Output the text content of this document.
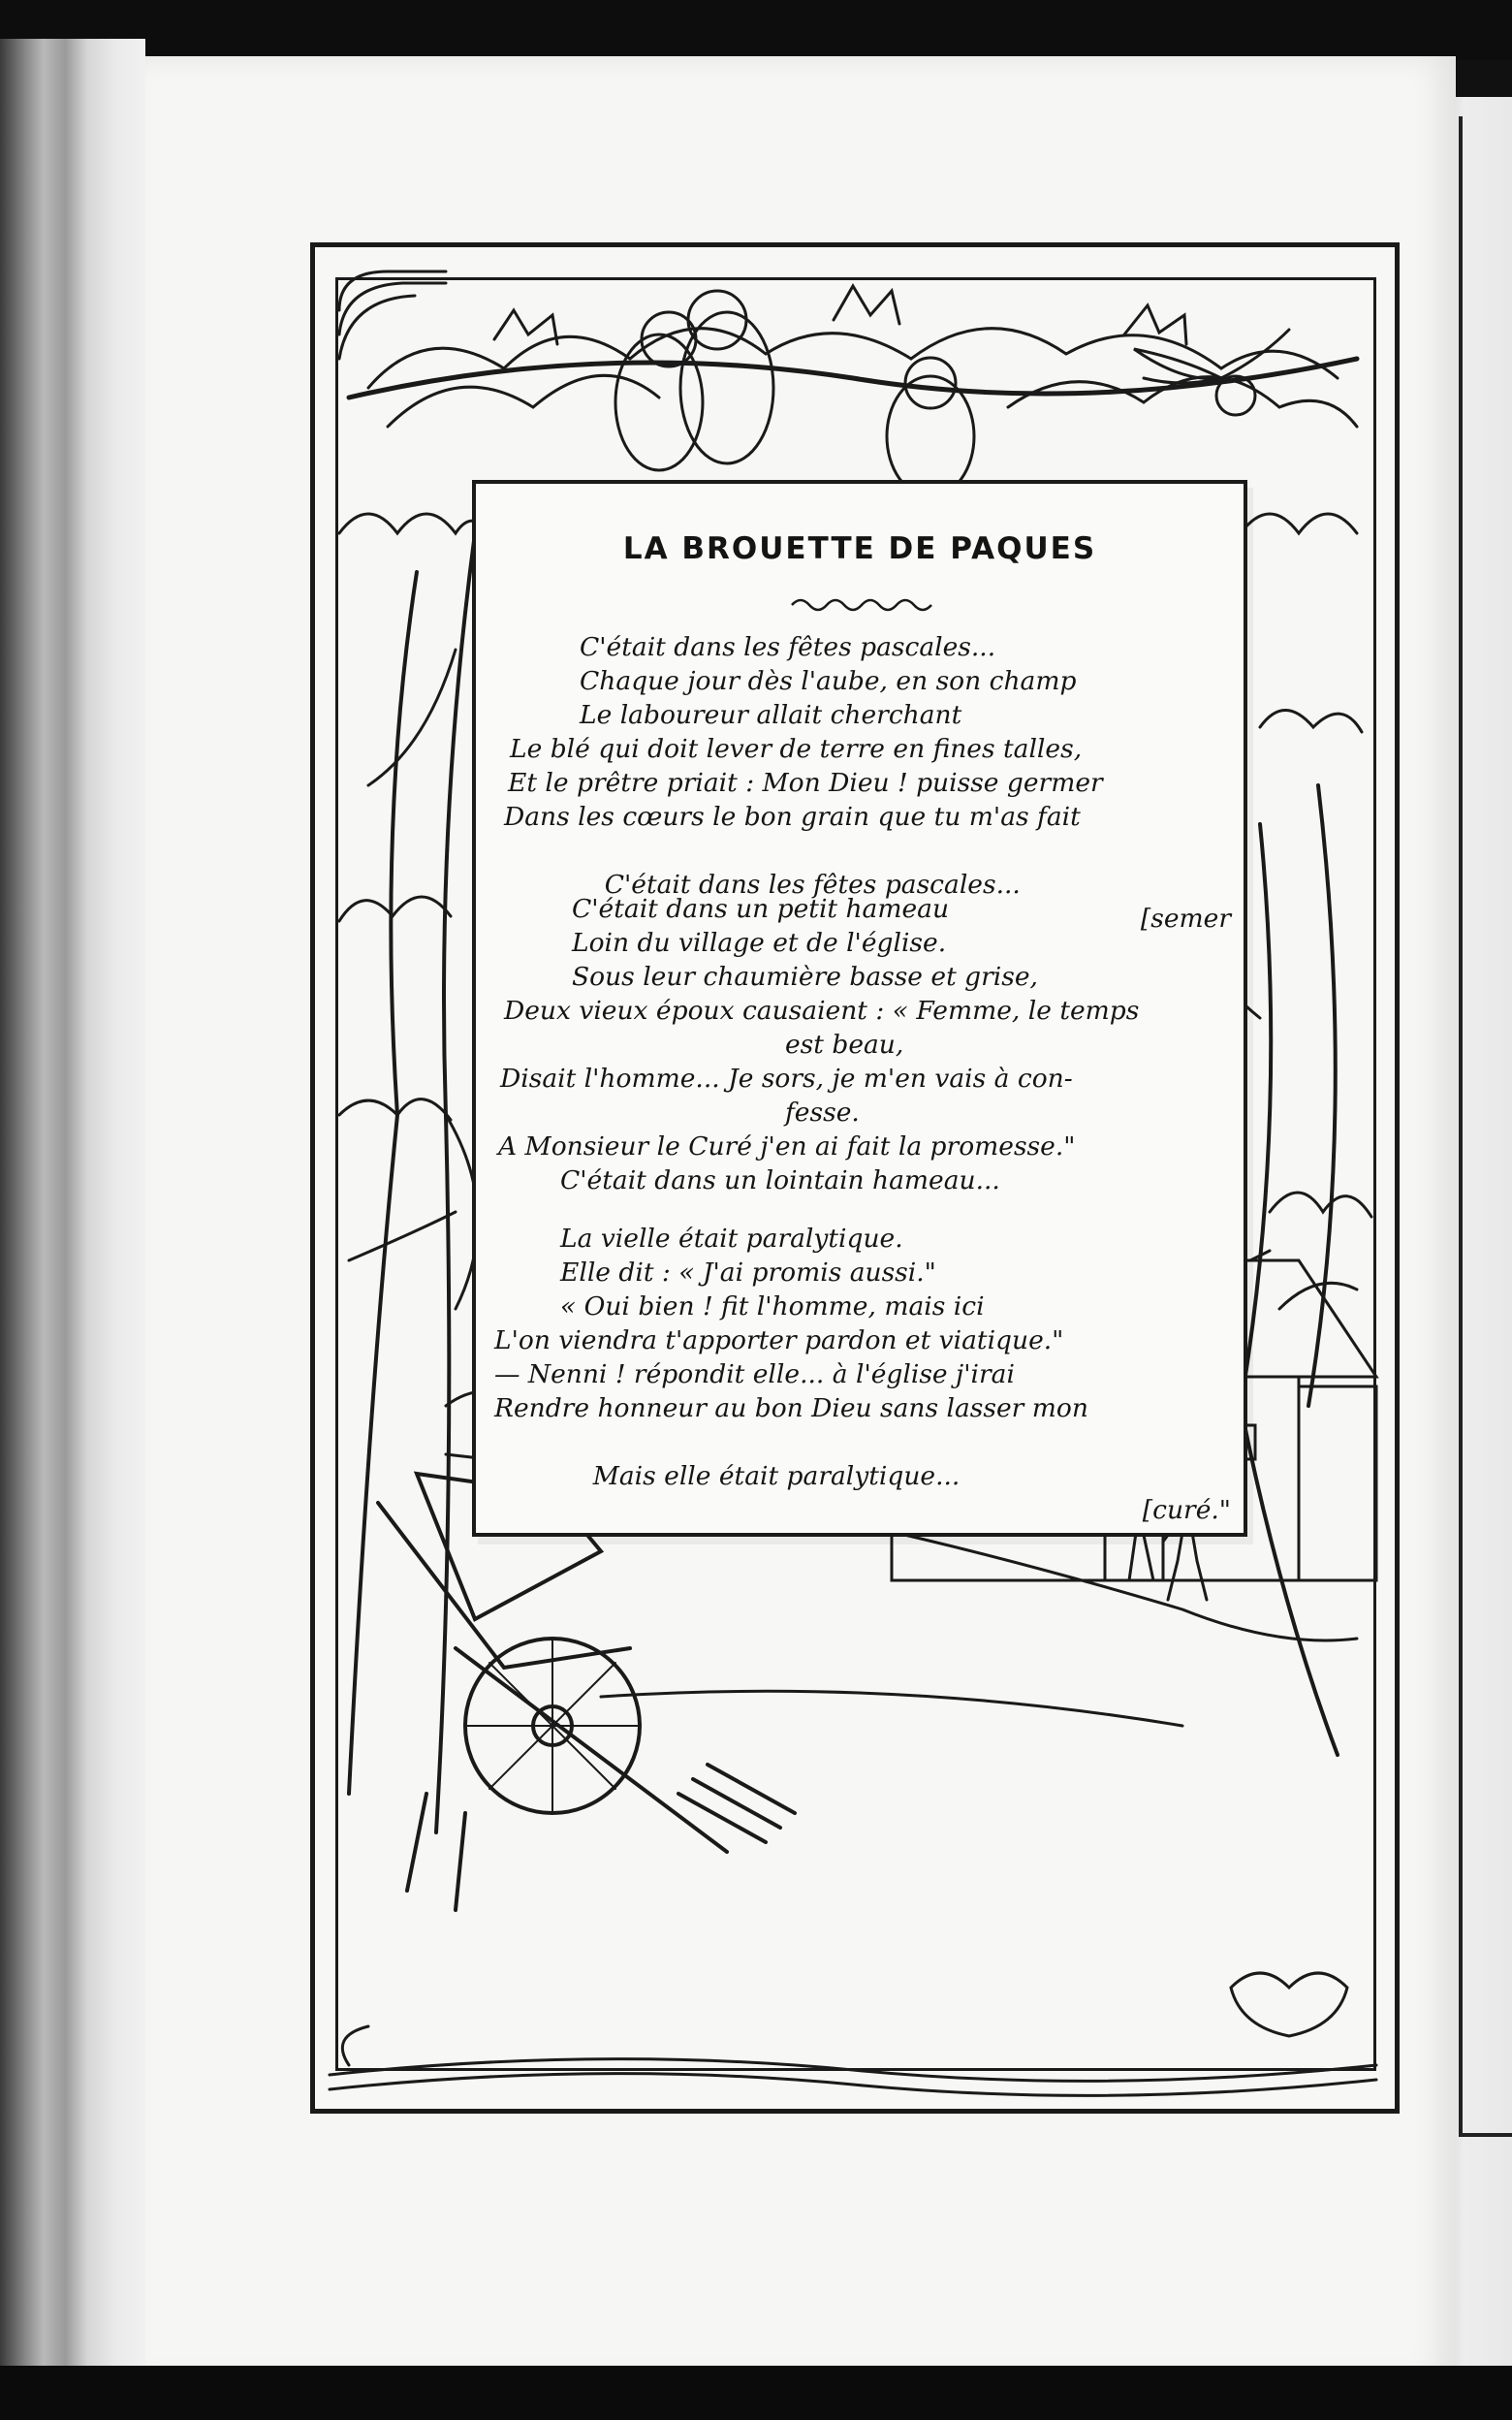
LA BROUETTE DE PAQUES
C'était dans les fêtes pascales...
Chaque jour dès l'aube, en son champ
Le laboureur allait cherchant
Le blé qui doit lever de terre en fines talles,
Et le prêtre priait : Mon Dieu ! puisse germer
Dans les cœurs le bon grain que tu m'as fait

C'était dans les fêtes pascales...

[semer

C'était dans un petit hameau
Loin du village et de l'église.
Sous leur chaumière basse et grise,
Deux vieux époux causaient : « Femme, le temps
est beau,
Disait l'homme... Je sors, je m'en vais à con-
fesse.
A Monsieur le Curé j'en ai fait la promesse."
C'était dans un lointain hameau...
La vielle était paralytique.
Elle dit : « J'ai promis aussi."
« Oui bien ! fit l'homme, mais ici
L'on viendra t'apporter pardon et viatique."
— Nenni ! répondit elle... à l'église j'irai
Rendre honneur au bon Dieu sans lasser mon

Mais elle était paralytique...

[curé."
